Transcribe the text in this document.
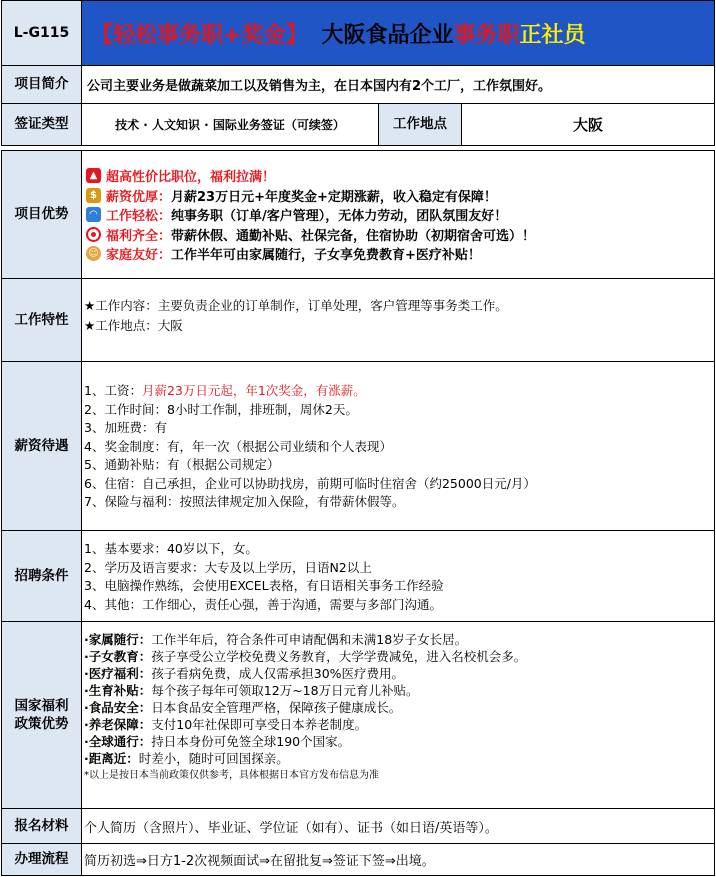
L-G115 【 轻松事务职+奖金 】 大阪食品企业 事务职 正社员
项目简介	公司主要业务是做蔬菜加工以及销售为主，在日本国内有2个工厂，工作氛围好。
签证类型	技术 · 人文知识 · 国际业务签证（可续签）	工作地点	大阪
项目优势
▲ 超高性价比职位，福利拉满！
$ 薪资优厚： 月薪23万日元+年度奖金+定期涨薪，收入稳定有保障！
◠ 工作轻松： 纯事务职（订单/客户管理），无体力劳动，团队氛围友好！
福利齐全： 带薪休假、通勤补贴、社保完备，住宿协助（初期宿舍可选）！
☺ 家庭友好： 工作半年可由家属随行，子女享免费教育+医疗补贴！
工作特性
★工作内容：主要负责企业的订单制作，订单处理，客户管理等事务类工作。
★工作地点：大阪
薪资待遇
1、工资：月薪23万日元起，年1次奖金，有涨薪。
2、工作时间：8小时工作制，排班制，周休2天。
3、加班费：有
4、奖金制度：有，年一次（根据公司业绩和个人表现）
5、通勤补贴：有（根据公司规定）
6、住宿：自己承担，企业可以协助找房，前期可临时住宿舍（约25000日元/月）
7、保险与福利：按照法律规定加入保险，有带薪休假等。
招聘条件
1、基本要求：40岁以下，女。
2、学历及语言要求：大专及以上学历，日语N2以上
3、电脑操作熟练，会使用EXCEL表格，有日语相关事务工作经验
4、其他：工作细心，责任心强，善于沟通，需要与多部门沟通。
国家福利
政策优势
·家属随行：工作半年后，符合条件可申请配偶和未满18岁子女长居。
·子女教育：孩子享受公立学校免费义务教育，大学学费减免，进入名校机会多。
·医疗福利：孩子看病免费，成人仅需承担30%医疗费用。
·生育补贴：每个孩子每年可领取12万~18万日元育儿补贴。
·食品安全：日本食品安全管理严格，保障孩子健康成长。
·养老保障：支付10年社保即可享受日本养老制度。
·全球通行：持日本身份可免签全球190个国家。
·距离近：时差小，随时可回国探亲。
*以上是按日本当前政策仅供参考，具体根据日本官方发布信息为准
报名材料	个人简历（含照片）、毕业证、学位证（如有）、证书（如日语/英语等）。
办理流程	简历初选⇒日方1-2次视频面试⇒在留批复⇒签证下签⇒出境。
